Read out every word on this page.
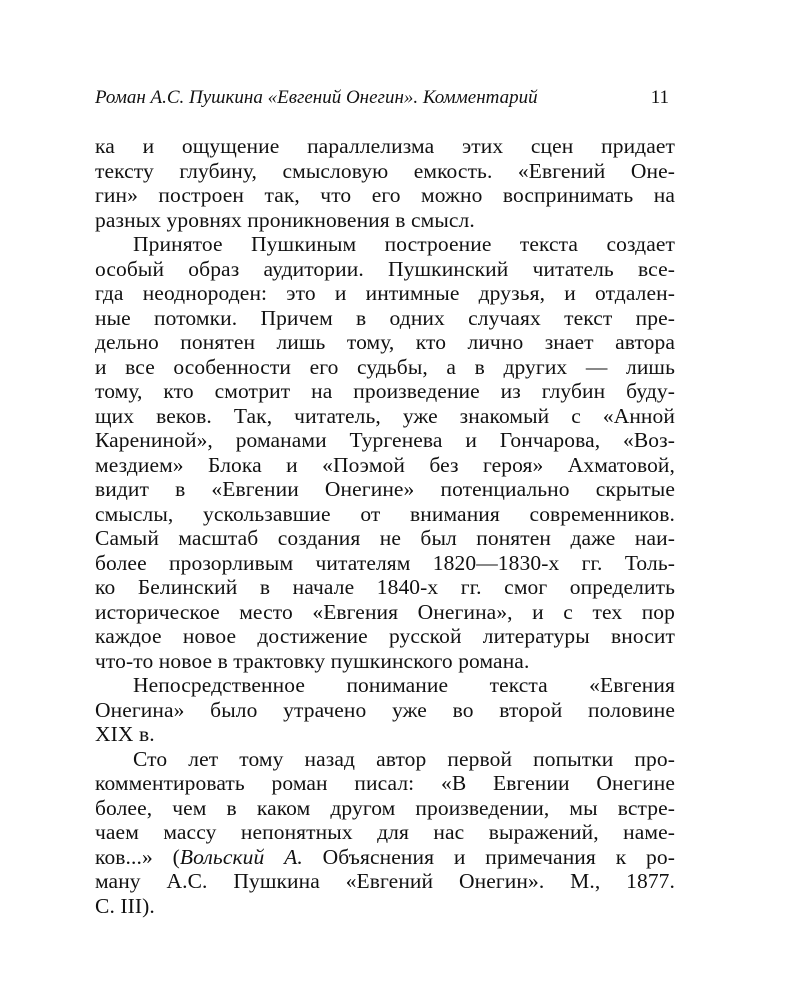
Роман А.С. Пушкина «Евгений Онегин». Комментарий	11

ка и ощущение параллелизма этих сцен придает
тексту глубину, смысловую емкость. «Евгений Оне-
гин» построен так, что его можно воспринимать на
разных уровнях проникновения в смысл.

Принятое Пушкиным построение текста создает
особый образ аудитории. Пушкинский читатель все-
гда неоднороден: это и интимные друзья, и отдален-
ные потомки. Причем в одних случаях текст пре-
дельно понятен лишь тому, кто лично знает автора
и все особенности его судьбы, а в других — лишь
тому, кто смотрит на произведение из глубин буду-
щих веков. Так, читатель, уже знакомый с «Анной
Карениной», романами Тургенева и Гончарова, «Воз-
мездием» Блока и «Поэмой без героя» Ахматовой,
видит в «Евгении Онегине» потенциально скрытые
смыслы, ускользавшие от внимания современников.
Самый масштаб создания не был понятен даже наи-
более прозорливым читателям 1820—1830-х гг. Толь-
ко Белинский в начале 1840-х гг. смог определить
историческое место «Евгения Онегина», и с тех пор
каждое новое достижение русской литературы вносит
что-то новое в трактовку пушкинского романа.

Непосредственное понимание текста «Евгения
Онегина» было утрачено уже во второй половине
XIX в.

Сто лет тому назад автор первой попытки про-
комментировать роман писал: «В Евгении Онегине
более, чем в каком другом произведении, мы встре-
чаем массу непонятных для нас выражений, намe-
ков...» (Вольский А. Объяснения и примечания к ро-
ману А.С. Пушкина «Евгений Онегин». М., 1877.
С. III).
